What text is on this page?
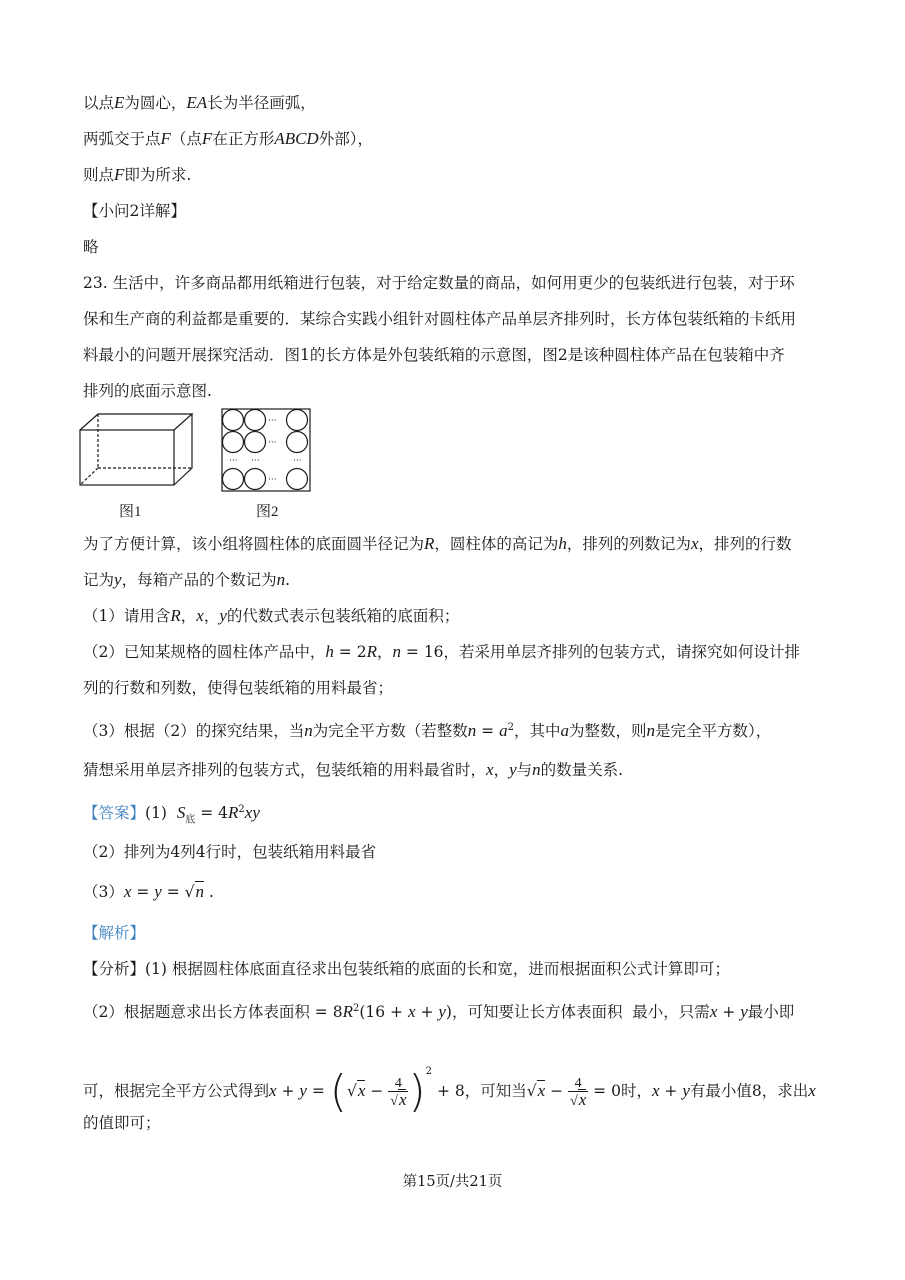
以点E为圆心，EA长为半径画弧，
两弧交于点F（点F在正方形ABCD外部），
则点F即为所求.
【小问2详解】
略
23. 生活中，许多商品都用纸箱进行包装，对于给定数量的商品，如何用更少的包装纸进行包装，对于环
保和生产商的利益都是重要的．某综合实践小组针对圆柱体产品单层齐排列时，长方体包装纸箱的卡纸用
料最小的问题开展探究活动．图1的长方体是外包装纸箱的示意图，图2是该种圆柱体产品在包装箱中齐
排列的底面示意图.
图1
···
···
···
··· ···	···
图2
为了方便计算，该小组将圆柱体的底面圆半径记为R，圆柱体的高记为h，排列的列数记为x，排列的行数
记为y，每箱产品的个数记为n.
（1）请用含R，x，y的代数式表示包装纸箱的底面积；
（2）已知某规格的圆柱体产品中，h = 2R，n = 16，若采用单层齐排列的包装方式，请探究如何设计排
列的行数和列数，使得包装纸箱的用料最省；
（3）根据（2）的探究结果，当n为完全平方数（若整数$n = a^2$，其中a为整数，则n是完全平方数），
猜想采用单层齐排列的包装方式，包装纸箱的用料最省时，x，y与n的数量关系.
【答案】(1)  $S_底 = 4R^2xy$
（2）排列为4列4行时，包装纸箱用料最省
（3）x = y = √n .
【解析】
【分析】(1) 根据圆柱体底面直径求出包装纸箱的底面的长和宽，进而根据面积公式计算即可；
（2）根据题意求出长方体表面积 = $8R^2(16 + x + y)$，可知要让长方体表面积  最小，只需x + y最小即
可，根据完全平方公式得到$x + y = (√x - \frac{4}{√x} )^2 + 8$，可知当$√x - \frac{4}{√x} = 0$时，x + y有最小值8，求出x
的值即可；
第15页/共21页
